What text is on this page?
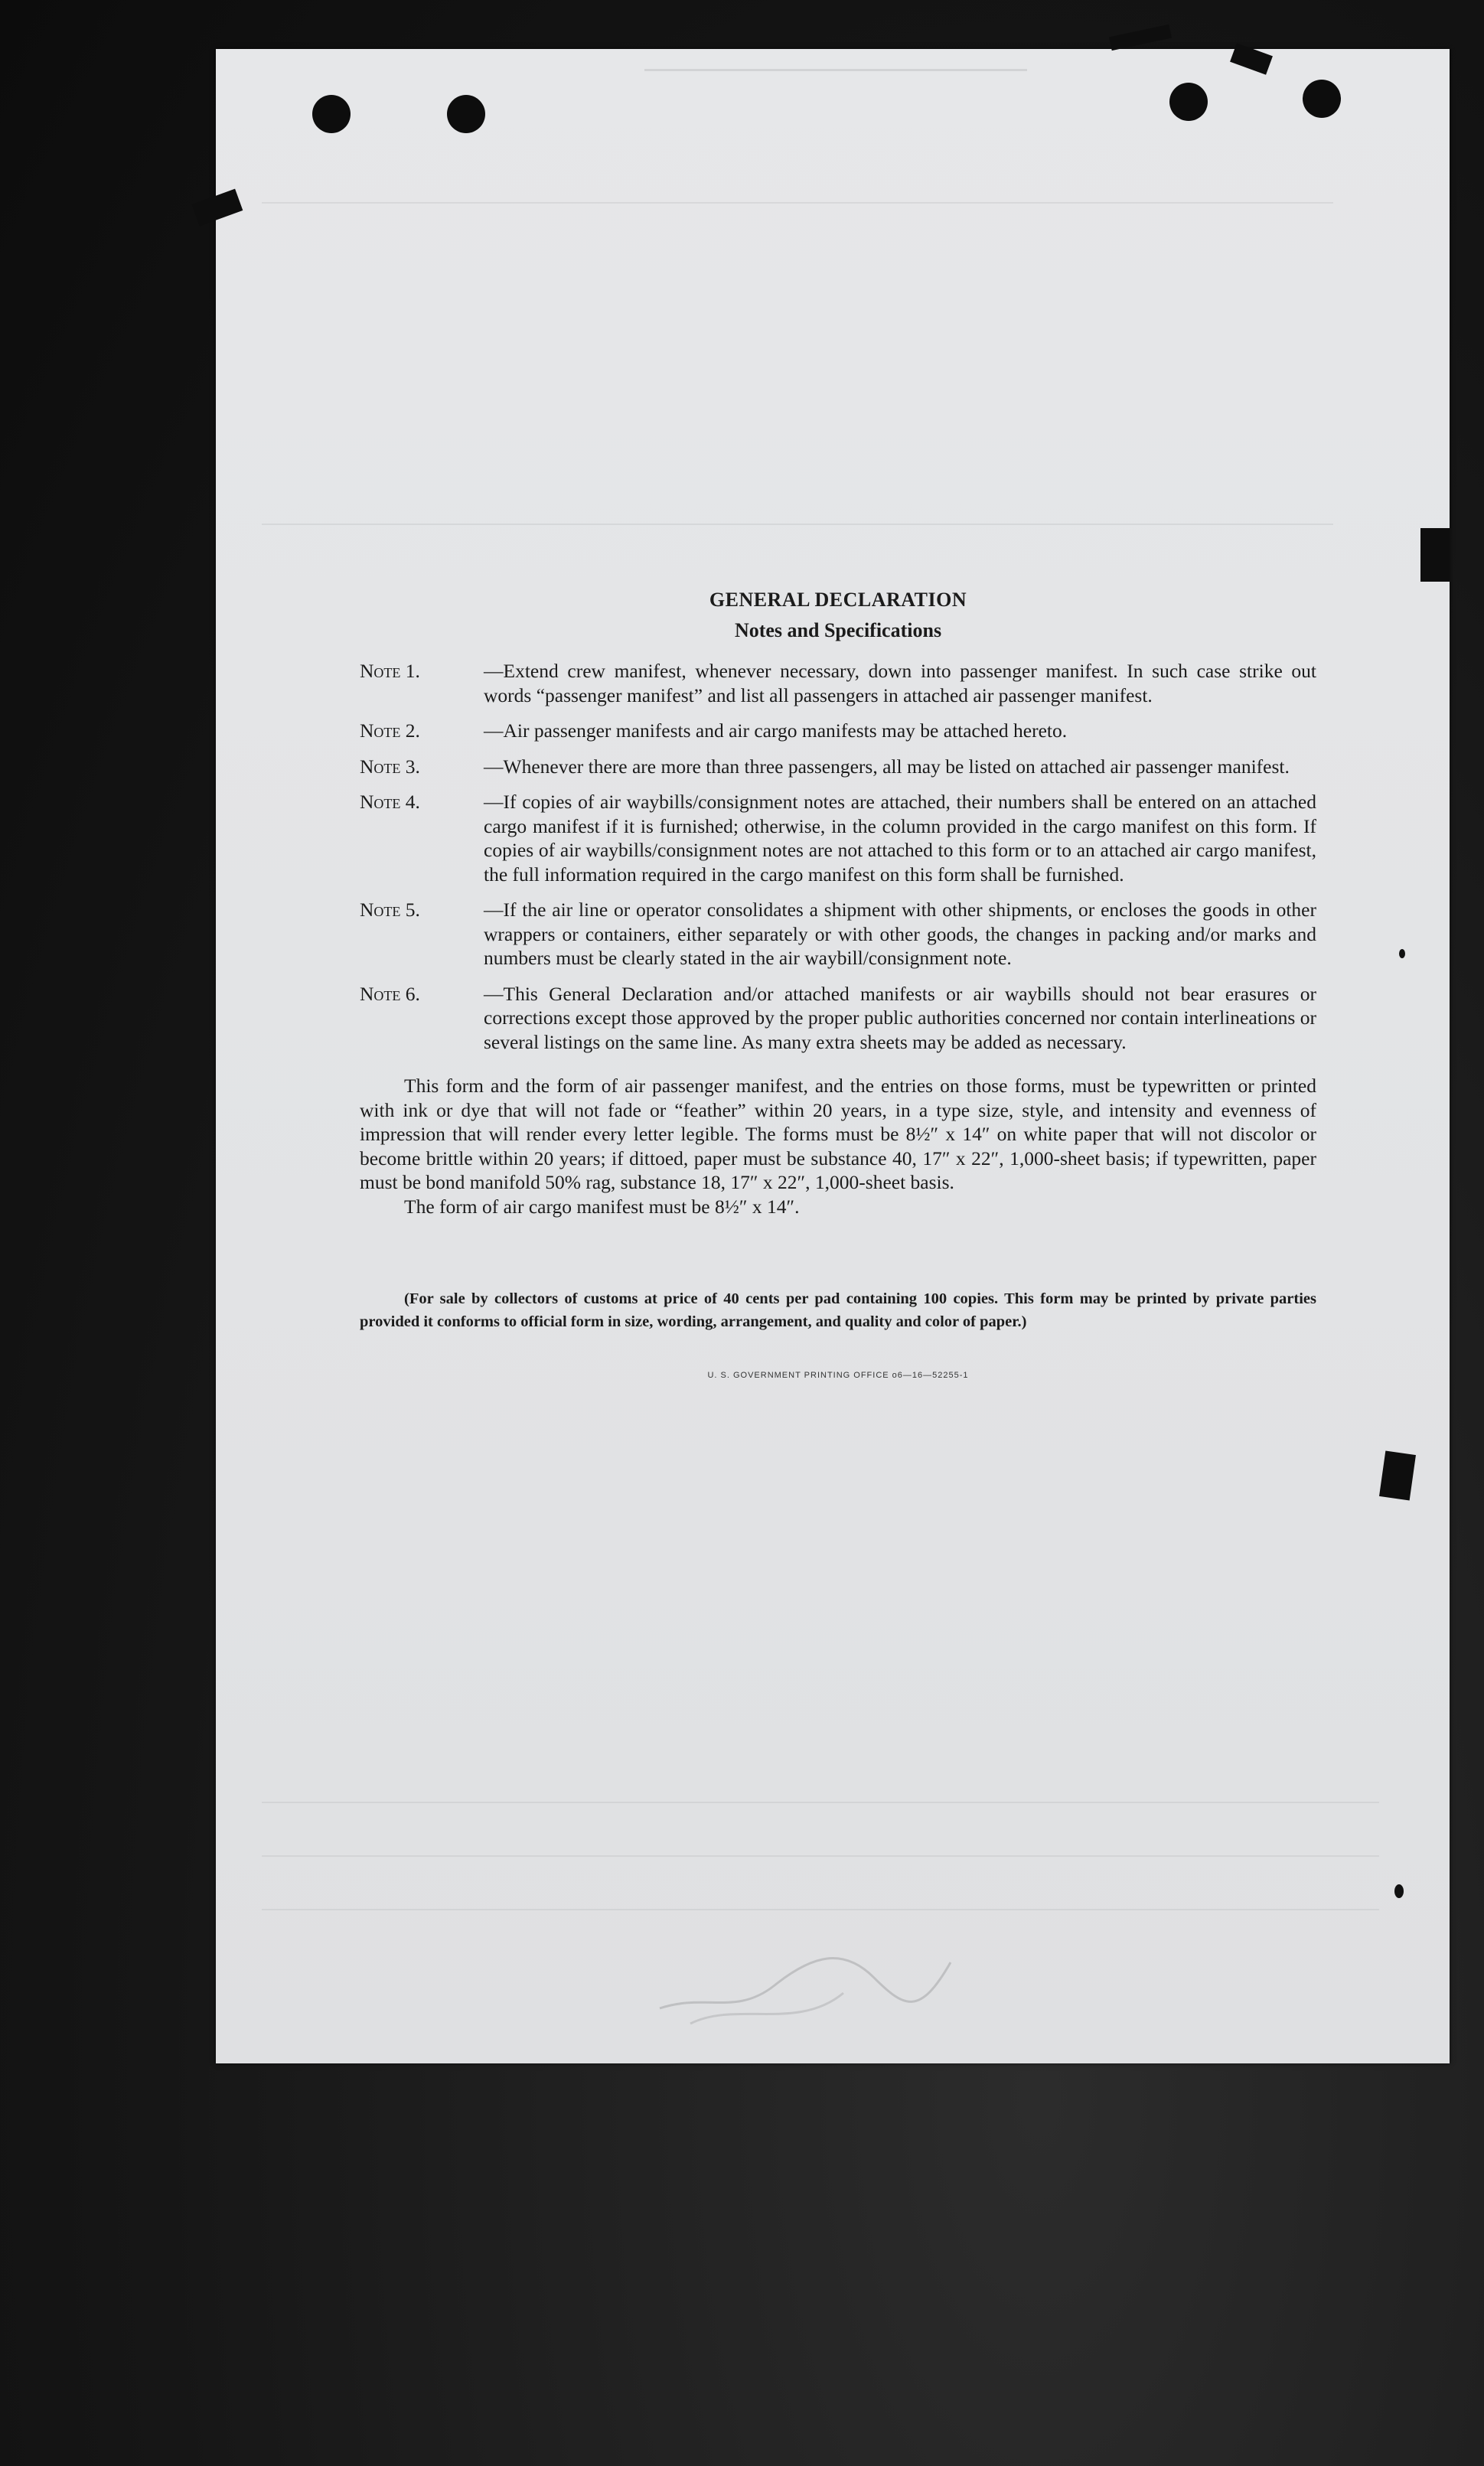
GENERAL DECLARATION
Notes and Specifications
Note 1.	—Extend crew manifest, whenever necessary, down into passenger manifest. In such case strike out words “passenger manifest” and list all passengers in attached air passenger manifest.
Note 2.	—Air passenger manifests and air cargo manifests may be attached hereto.
Note 3.	—Whenever there are more than three passengers, all may be listed on attached air passenger manifest.
Note 4.	—If copies of air waybills/consignment notes are attached, their numbers shall be entered on an attached cargo manifest if it is furnished; otherwise, in the column provided in the cargo manifest on this form. If copies of air waybills/consignment notes are not attached to this form or to an attached air cargo manifest, the full information required in the cargo manifest on this form shall be furnished.
Note 5.	—If the air line or operator consolidates a shipment with other shipments, or encloses the goods in other wrappers or containers, either separately or with other goods, the changes in packing and/or marks and numbers must be clearly stated in the air waybill/consignment note.
Note 6.	—This General Declaration and/or attached manifests or air waybills should not bear erasures or corrections except those approved by the proper public authorities concerned nor contain interlineations or several listings on the same line. As many extra sheets may be added as necessary.
This form and the form of air passenger manifest, and the entries on those forms, must be typewritten or printed with ink or dye that will not fade or “feather” within 20 years, in a type size, style, and intensity and evenness of impression that will render every letter legible. The forms must be 8½″ x 14″ on white paper that will not discolor or become brittle within 20 years; if dittoed, paper must be substance 40, 17″ x 22″, 1,000-sheet basis; if typewritten, paper must be bond manifold 50% rag, substance 18, 17″ x 22″, 1,000-sheet basis.
The form of air cargo manifest must be 8½″ x 14″.
(For sale by collectors of customs at price of 40 cents per pad containing 100 copies. This form may be printed by private parties provided it conforms to official form in size, wording, arrangement, and quality and color of paper.)
U. S. GOVERNMENT PRINTING OFFICE o6—16—52255-1
